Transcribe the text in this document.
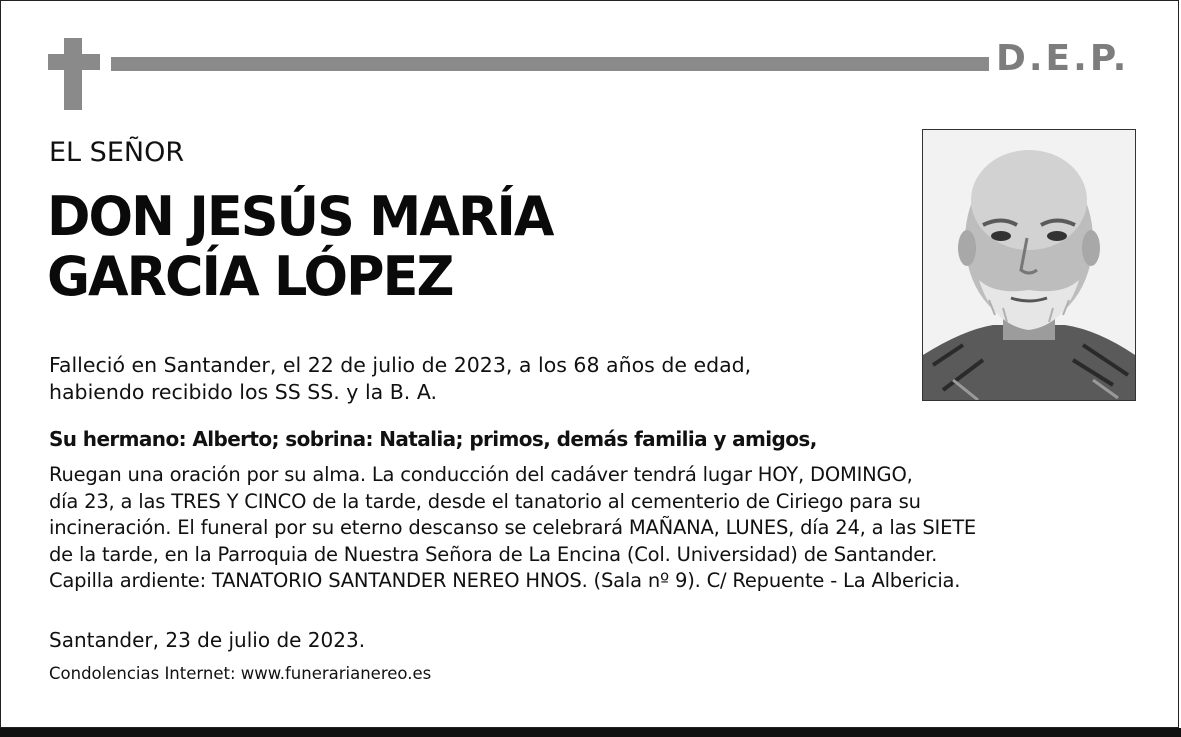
D.E.P.
EL SEÑOR
DON JESÚS MARÍA
GARCÍA LÓPEZ
Falleció en Santander, el 22 de julio de 2023, a los 68 años de edad,
habiendo recibido los SS SS. y la B. A.
Su hermano: Alberto; sobrina: Natalia; primos, demás familia y amigos,
Ruegan una oración por su alma. La conducción del cadáver tendrá lugar HOY, DOMINGO,
día 23, a las TRES Y CINCO de la tarde, desde el tanatorio al cementerio de Ciriego para su
incineración. El funeral por su eterno descanso se celebrará MAÑANA, LUNES, día 24, a las SIETE
de la tarde, en la Parroquia de Nuestra Señora de La Encina (Col. Universidad) de Santander.
Capilla ardiente: TANATORIO SANTANDER NEREO HNOS. (Sala nº 9). C/ Repuente - La Albericia.
Santander, 23 de julio de 2023.
Condolencias Internet: www.funerarianereo.es
